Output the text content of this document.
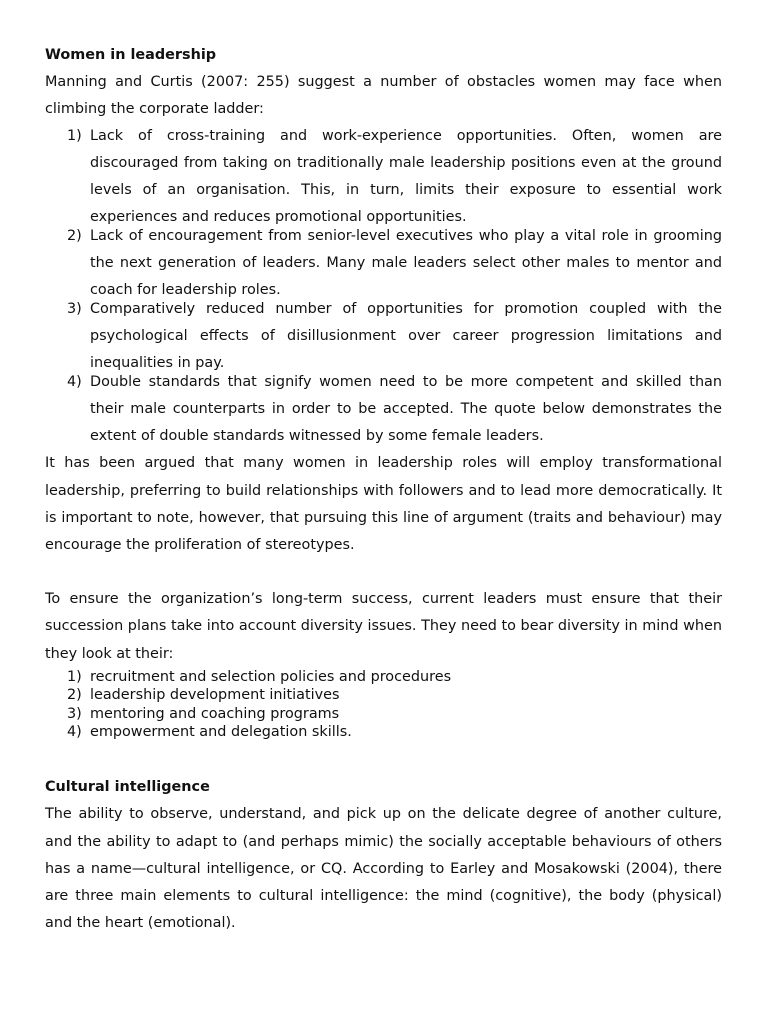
Women in leadership

Manning and Curtis (2007: 255) suggest a number of obstacles women may face when climbing the corporate ladder:

1) Lack of cross-training and work-experience opportunities. Often, women are discouraged from taking on traditionally male leadership positions even at the ground levels of an organisation. This, in turn, limits their exposure to essential work experiences and reduces promotional opportunities.
2) Lack of encouragement from senior-level executives who play a vital role in grooming the next generation of leaders. Many male leaders select other males to mentor and coach for leadership roles.
3) Comparatively reduced number of opportunities for promotion coupled with the psychological effects of disillusionment over career progression limitations and inequalities in pay.
4) Double standards that signify women need to be more competent and skilled than their male counterparts in order to be accepted. The quote below demonstrates the extent of double standards witnessed by some female leaders.

It has been argued that many women in leadership roles will employ transformational leadership, preferring to build relationships with followers and to lead more democratically. It is important to note, however, that pursuing this line of argument (traits and behaviour) may encourage the proliferation of stereotypes.

To ensure the organization’s long-term success, current leaders must ensure that their succession plans take into account diversity issues. They need to bear diversity in mind when they look at their:

1) recruitment and selection policies and procedures
2) leadership development initiatives
3) mentoring and coaching programs
4) empowerment and delegation skills.

Cultural intelligence

The ability to observe, understand, and pick up on the delicate degree of another culture, and the ability to adapt to (and perhaps mimic) the socially acceptable behaviours of others has a name—cultural intelligence, or CQ. According to Earley and Mosakowski (2004), there are three main elements to cultural intelligence: the mind (cognitive), the body (physical) and the heart (emotional).
